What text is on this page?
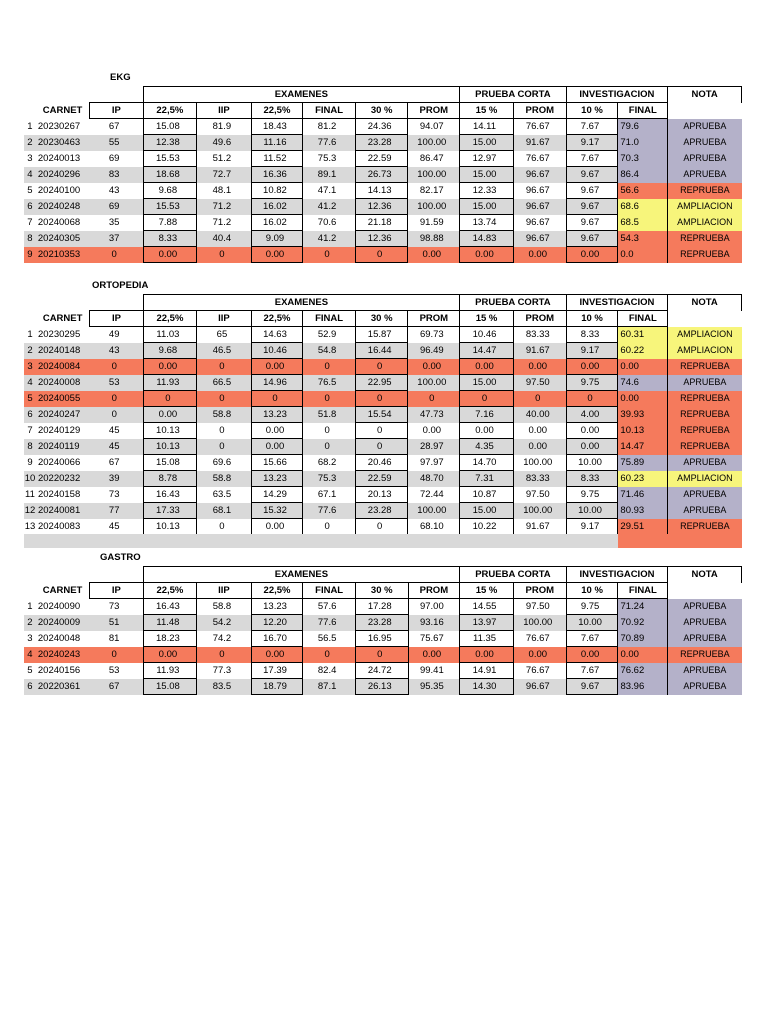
EKG
			EXAMENES						PRUEBA CORTA		INVESTIGACION		NOTA	
	CARNET	IP	22,5%	IIP	22,5%	FINAL	30 %	PROM	15 %	PROM	10 %	FINAL		
1	20230267	67	15.08	81.9	18.43	81.2	24.36	94.07	14.11	76.67	7.67	79.6	APRUEBA	
2	20230463	55	12.38	49.6	11.16	77.6	23.28	100.00	15.00	91.67	9.17	71.0	APRUEBA	
3	20240013	69	15.53	51.2	11.52	75.3	22.59	86.47	12.97	76.67	7.67	70.3	APRUEBA	
4	20240296	83	18.68	72.7	16.36	89.1	26.73	100.00	15.00	96.67	9.67	86.4	APRUEBA	
5	20240100	43	9.68	48.1	10.82	47.1	14.13	82.17	12.33	96.67	9.67	56.6	REPRUEBA	
6	20240248	69	15.53	71.2	16.02	41.2	12.36	100.00	15.00	96.67	9.67	68.6	AMPLIACION	
7	20240068	35	7.88	71.2	16.02	70.6	21.18	91.59	13.74	96.67	9.67	68.5	AMPLIACION	
8	20240305	37	8.33	40.4	9.09	41.2	12.36	98.88	14.83	96.67	9.67	54.3	REPRUEBA	
9	20210353	0	0.00	0	0.00	0	0	0.00	0.00	0.00	0.00	0.0	REPRUEBA	
ORTOPEDIA
			EXAMENES						PRUEBA CORTA		INVESTIGACION		NOTA	
	CARNET	IP	22,5%	IIP	22,5%	FINAL	30 %	PROM	15 %	PROM	10 %	FINAL		
1	20230295	49	11.03	65	14.63	52.9	15.87	69.73	10.46	83.33	8.33	60.31	AMPLIACION	
2	20240148	43	9.68	46.5	10.46	54.8	16.44	96.49	14.47	91.67	9.17	60.22	AMPLIACION	
3	20240084	0	0.00	0	0.00	0	0	0.00	0.00	0.00	0.00	0.00	REPRUEBA	
4	20240008	53	11.93	66.5	14.96	76.5	22.95	100.00	15.00	97.50	9.75	74.6	APRUEBA	
5	20240055	0	0	0	0	0	0	0	0	0	0	0.00	REPRUEBA	
6	20240247	0	0.00	58.8	13.23	51.8	15.54	47.73	7.16	40.00	4.00	39.93	REPRUEBA	
7	20240129	45	10.13	0	0.00	0	0	0.00	0.00	0.00	0.00	10.13	REPRUEBA	
8	20240119	45	10.13	0	0.00	0	0	28.97	4.35	0.00	0.00	14.47	REPRUEBA	
9	20240066	67	15.08	69.6	15.66	68.2	20.46	97.97	14.70	100.00	10.00	75.89	APRUEBA	
10	20220232	39	8.78	58.8	13.23	75.3	22.59	48.70	7.31	83.33	8.33	60.23	AMPLIACION	
11	20240158	73	16.43	63.5	14.29	67.1	20.13	72.44	10.87	97.50	9.75	71.46	APRUEBA	
12	20240081	77	17.33	68.1	15.32	77.6	23.28	100.00	15.00	100.00	10.00	80.93	APRUEBA	
13	20240083	45	10.13	0	0.00	0	0	68.10	10.22	91.67	9.17	29.51	REPRUEBA	
GASTRO
			EXAMENES						PRUEBA CORTA		INVESTIGACION		NOTA	
	CARNET	IP	22,5%	IIP	22,5%	FINAL	30 %	PROM	15 %	PROM	10 %	FINAL		
1	20240090	73	16.43	58.8	13.23	57.6	17.28	97.00	14.55	97.50	9.75	71.24	APRUEBA	
2	20240009	51	11.48	54.2	12.20	77.6	23.28	93.16	13.97	100.00	10.00	70.92	APRUEBA	
3	20240048	81	18.23	74.2	16.70	56.5	16.95	75.67	11.35	76.67	7.67	70.89	APRUEBA	
4	20240243	0	0.00	0	0.00	0	0	0.00	0.00	0.00	0.00	0.00	REPRUEBA	
5	20240156	53	11.93	77.3	17.39	82.4	24.72	99.41	14.91	76.67	7.67	76.62	APRUEBA	
6	20220361	67	15.08	83.5	18.79	87.1	26.13	95.35	14.30	96.67	9.67	83.96	APRUEBA	
